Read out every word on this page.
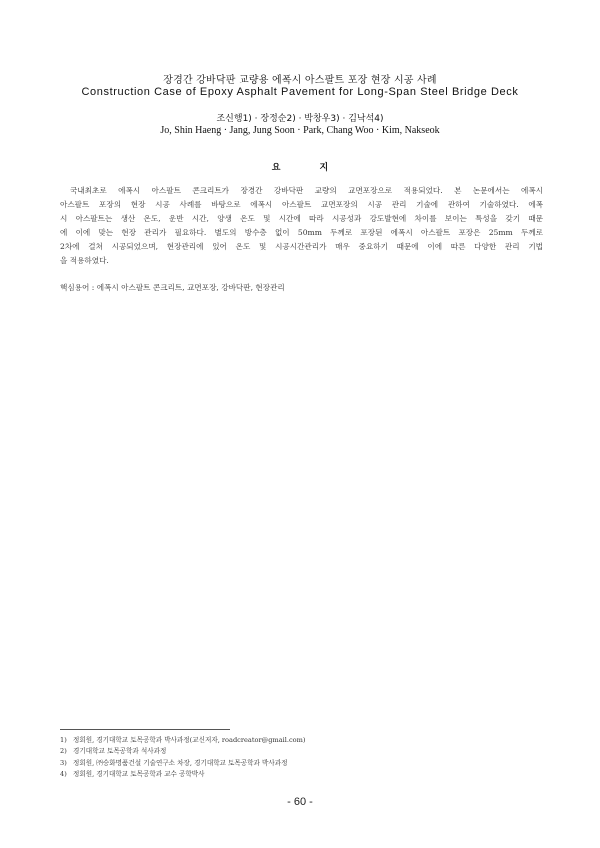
장경간 강바닥판 교량용 에폭시 아스팔트 포장 현장 시공 사례
Construction Case of Epoxy Asphalt Pavement for Long-Span Steel Bridge Deck
조신행1) · 장정순2) · 박창우3) · 김낙석4)
Jo, Shin Haeng · Jang, Jung Soon · Park, Chang Woo · Kim, Nakseok
요 지
국내최초로 에폭시 아스팔트 콘크리트가 장경간 강바닥판 교량의 교면포장으로 적용되었다. 본 논문에서는 에폭시
아스팔트 포장의 현장 시공 사례를 바탕으로 에폭시 아스팔트 교면포장의 시공 관리 기술에 관하여 기술하였다. 에폭
시 아스팔트는 생산 온도, 운반 시간, 양생 온도 및 시간에 따라 시공성과 강도발현에 차이를 보이는 특성을 갖기 때문
에 이에 맞는 현장 관리가 필요하다. 별도의 방수층 없이 50mm 두께로 포장된 에폭시 아스팔트 포장은 25mm 두께로
2차에 걸쳐 시공되었으며, 현장관리에 있어 온도 및 시공시간관리가 매우 중요하기 때문에 이에 따른 다양한 관리 기법
을 적용하였다.
핵심용어 : 에폭시 아스팔트 콘크리트, 교면포장, 강바닥판, 현장관리
1) 정회원, 경기대학교 토목공학과 박사과정(교신저자, roadcreator@gmail.com)
2) 경기대학교 토목공학과 석사과정
3) 정회원, ㈜승화명품건설 기술연구소 차장, 경기대학교 토목공학과 박사과정
4) 정회원, 경기대학교 토목공학과 교수 공학박사
- 60 -
